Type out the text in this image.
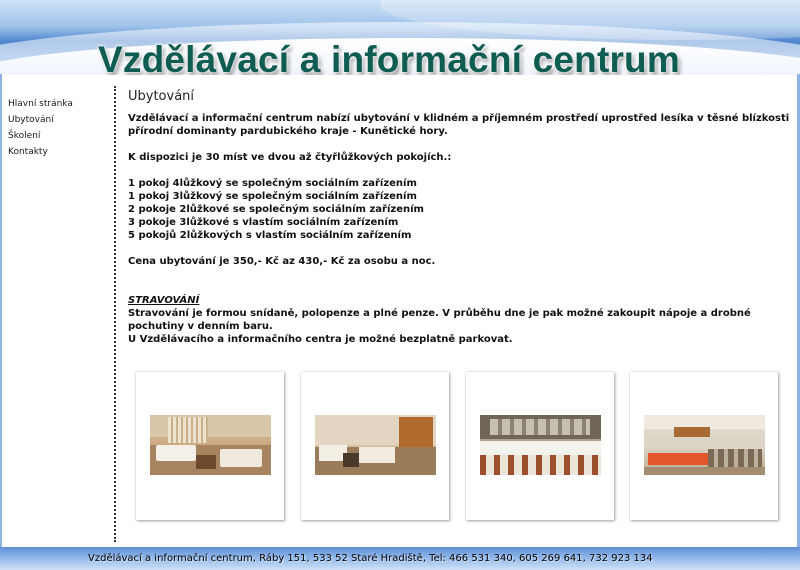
Vzdělávací a informační centrum
Hlavní stránka
Ubytování
Školení
Kontakty
Ubytování

Vzdělávací a informační centrum nabízí ubytování v klidném a příjemném prostředí uprostřed lesíka v těsné blízkosti přírodní dominanty pardubického kraje - Kunětické hory.

K dispozici je 30 míst ve dvou až čtyřlůžkových pokojích.:

1 pokoj 4lůžkový se společným sociálním zařízením

1 pokoj 3lůžkový se společným sociálním zařízením

2 pokoje 2lůžkové se společným sociálním zařízením

3 pokoje 3lůžkové s vlastím sociálním zařízením

5 pokojů 2lůžkových s vlastím sociálním zařízením

Cena ubytování je 350,- Kč az 430,- Kč za osobu a noc.

STRAVOVÁNÍ

Stravování je formou snídaně, polopenze a plné penze. V průběhu dne je pak možné zakoupit nápoje a drobné pochutiny v denním baru.

U Vzdělávacího a informačního centra je možné bezplatně parkovat.

Vzdělávací a informační centrum, Ráby 151, 533 52 Staré Hradiště, Tel: 466 531 340, 605 269 641, 732 923 134
